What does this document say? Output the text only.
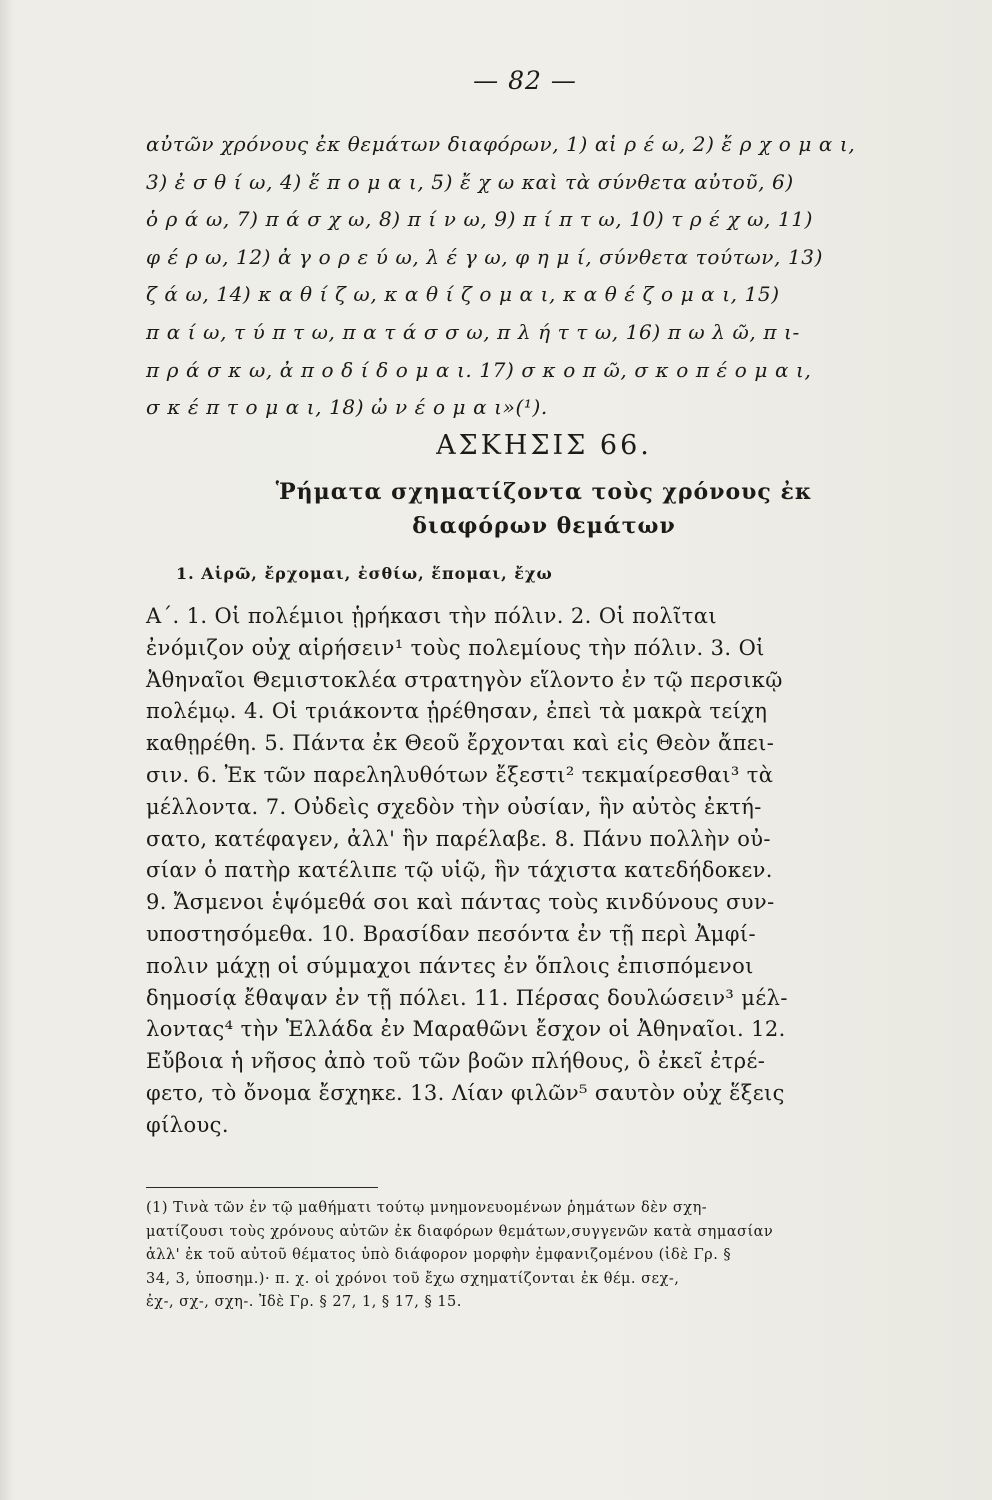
— 82 —
αὐτῶν χρόνους ἐκ θεμάτων διαφόρων, 1) αἱ ρ έ ω, 2) ἔ ρ χ ο μ α ι,
3) ἐ σ θ ί ω, 4) ἕ π ο μ α ι, 5) ἔ χ ω καὶ τὰ σύνθετα αὐτοῦ, 6)
ὁ ρ ά ω, 7) π ά σ χ ω, 8) π ί ν ω, 9) π ί π τ ω, 10) τ ρ έ χ ω, 11)
φ έ ρ ω, 12) ἀ γ ο ρ ε ύ ω, λ έ γ ω, φ η μ ί, σύνθετα τούτων, 13)
ζ ά ω, 14) κ α θ ί ζ ω, κ α θ ί ζ ο μ α ι, κ α θ έ ζ ο μ α ι, 15)
π α ί ω, τ ύ π τ ω, π α τ ά σ σ ω, π λ ή τ τ ω, 16) π ω λ ῶ, π ι-
π ρ ά σ κ ω, ἀ π ο δ ί δ ο μ α ι. 17) σ κ ο π ῶ, σ κ ο π έ ο μ α ι,
σ κ έ π τ ο μ α ι, 18) ὠ ν έ ο μ α ι»(¹).
ΑΣΚΗΣΙΣ 66.
Ῥήματα σχηματίζοντα τοὺς χρόνους ἐκ
διαφόρων θεμάτων
1. Αἱρῶ, ἔρχομαι, ἐσθίω, ἕπομαι, ἔχω
Α΄. 1. Οἱ πολέμιοι ᾑρήκασι τὴν πόλιν. 2. Οἱ πολῖται
ἐνόμιζον οὐχ αἱρήσειν¹ τοὺς πολεμίους τὴν πόλιν. 3. Οἱ
Ἀθηναῖοι Θεμιστοκλέα στρατηγὸν εἵλοντο ἐν τῷ περσικῷ
πολέμῳ. 4. Οἱ τριάκοντα ᾑρέθησαν, ἐπεὶ τὰ μακρὰ τείχη
καθῃρέθη. 5. Πάντα ἐκ Θεοῦ ἔρχονται καὶ εἰς Θεὸν ἄπει-
σιν. 6. Ἐκ τῶν παρεληλυθότων ἔξεστι² τεκμαίρεσθαι³ τὰ
μέλλοντα. 7. Οὐδεὶς σχεδὸν τὴν οὐσίαν, ἣν αὐτὸς ἐκτή-
σατο, κατέφαγεν, ἀλλ' ἣν παρέλαβε. 8. Πάνυ πολλὴν οὐ-
σίαν ὁ πατὴρ κατέλιπε τῷ υἱῷ, ἣν τάχιστα κατεδήδοκεν.
9. Ἄσμενοι ἑψόμεθά σοι καὶ πάντας τοὺς κινδύνους συν-
υποστησόμεθα. 10. Βρασίδαν πεσόντα ἐν τῇ περὶ Ἀμφί-
πολιν μάχῃ οἱ σύμμαχοι πάντες ἐν ὅπλοις ἐπισπόμενοι
δημοσίᾳ ἔθαψαν ἐν τῇ πόλει. 11. Πέρσας δουλώσειν³ μέλ-
λοντας⁴ τὴν Ἑλλάδα ἐν Μαραθῶνι ἔσχον οἱ Ἀθηναῖοι. 12.
Εὔβοια ἡ νῆσος ἀπὸ τοῦ τῶν βοῶν πλήθους, ὃ ἐκεῖ ἐτρέ-
φετο, τὸ ὄνομα ἔσχηκε. 13. Λίαν φιλῶν⁵ σαυτὸν οὐχ ἕξεις
φίλους.
(1) Τινὰ τῶν ἐν τῷ μαθήματι τούτῳ μνημονευομένων ῥημάτων δὲν σχη-
ματίζουσι τοὺς χρόνους αὐτῶν ἐκ διαφόρων θεμάτων,συγγενῶν κατὰ σημασίαν
ἀλλ' ἐκ τοῦ αὐτοῦ θέματος ὑπὸ διάφορον μορφὴν ἐμφανιζομένου (ἰδὲ Γρ. §
34, 3, ὑποσημ.)· π. χ. οἱ χρόνοι τοῦ ἔχω σχηματίζονται ἐκ θέμ. σεχ-,
ἐχ-, σχ-, σχη-. Ἰδὲ Γρ. § 27, 1, § 17, § 15.
